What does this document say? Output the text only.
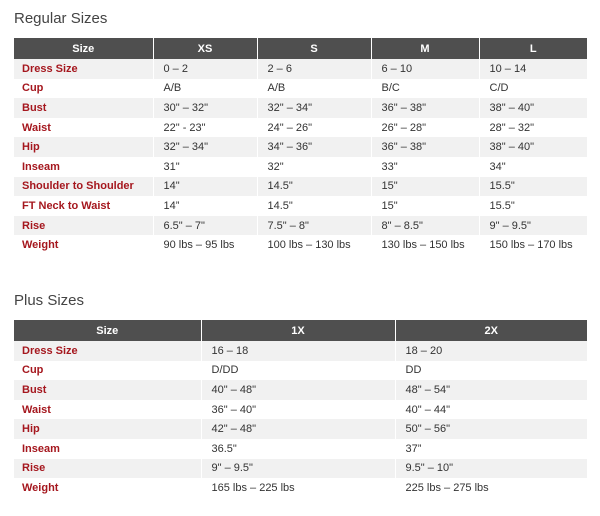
Regular Sizes
Size	XS	S	M	L
Dress Size	0 – 2	2 – 6	6 – 10	10 – 14
Cup	A/B	A/B	B/C	C/D
Bust	30" – 32"	32" – 34"	36" – 38"	38" – 40"
Waist	22" - 23"	24" – 26"	26" – 28"	28" – 32"
Hip	32" – 34"	34" – 36"	36" – 38"	38" – 40"
Inseam	31"	32"	33"	34"
Shoulder to Shoulder	14"	14.5"	15"	15.5"
FT Neck to Waist	14”	14.5"	15"	15.5"
Rise	6.5" – 7"	7.5" – 8"	8" – 8.5"	9" – 9.5"
Weight	90 lbs – 95 lbs	100 lbs – 130 lbs	130 lbs – 150 lbs	150 lbs – 170 lbs
Plus Sizes
Size	1X	2X
Dress Size	16 – 18	18 – 20
Cup	D/DD	DD
Bust	40" – 48"	48" – 54"
Waist	36" – 40"	40" – 44"
Hip	42" – 48"	50" – 56"
Inseam	36.5"	37”
Rise	9" – 9.5"	9.5" – 10"
Weight	165 lbs – 225 lbs	225 lbs – 275 lbs
